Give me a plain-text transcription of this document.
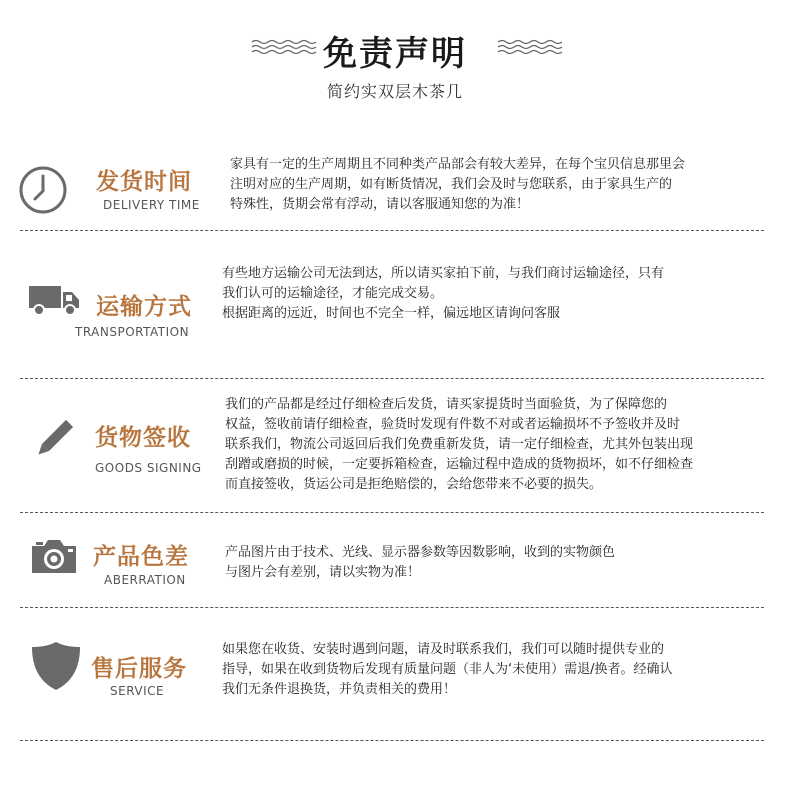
免责声明
简约实双层木茶几
发货时间
DELIVERY TIME

家具有一定的生产周期且不同种类产品部会有较大差异，在每个宝贝信息那里会

注明对应的生产周期，如有断货情况，我们会及时与您联系，由于家具生产的

特殊性，货期会常有浮动，请以客服通知您的为准！

运输方式
TRANSPORTATION

有些地方运输公司无法到达，所以请买家拍下前，与我们商讨运输途径，只有

我们认可的运输途径，才能完成交易。

根据距离的远近，时间也不完全一样，偏远地区请询问客服

货物签收
GOODS SIGNING

我们的产品都是经过仔细检查后发货，请买家提货时当面验货，为了保障您的

权益，签收前请仔细检查，验货时发现有件数不对或者运输损坏不予签收并及时

联系我们，物流公司返回后我们免费重新发货，请一定仔细检查，尤其外包装出现

刮蹭或磨损的时候，一定要拆箱检查，运输过程中造成的货物损坏，如不仔细检查

而直接签收，货运公司是拒绝赔偿的，会给您带来不必要的损失。

产品色差
ABERRATION

产品图片由于技术、光线、显示器参数等因数影响，收到的实物颜色

与图片会有差别，请以实物为准！

售后服务
SERVICE

如果您在收货、安装时遇到问题，请及时联系我们，我们可以随时提供专业的

指导，如果在收到货物后发现有质量问题（非人为‘未使用）需退/换者。经确认

我们无条件退换货，并负责相关的费用！
